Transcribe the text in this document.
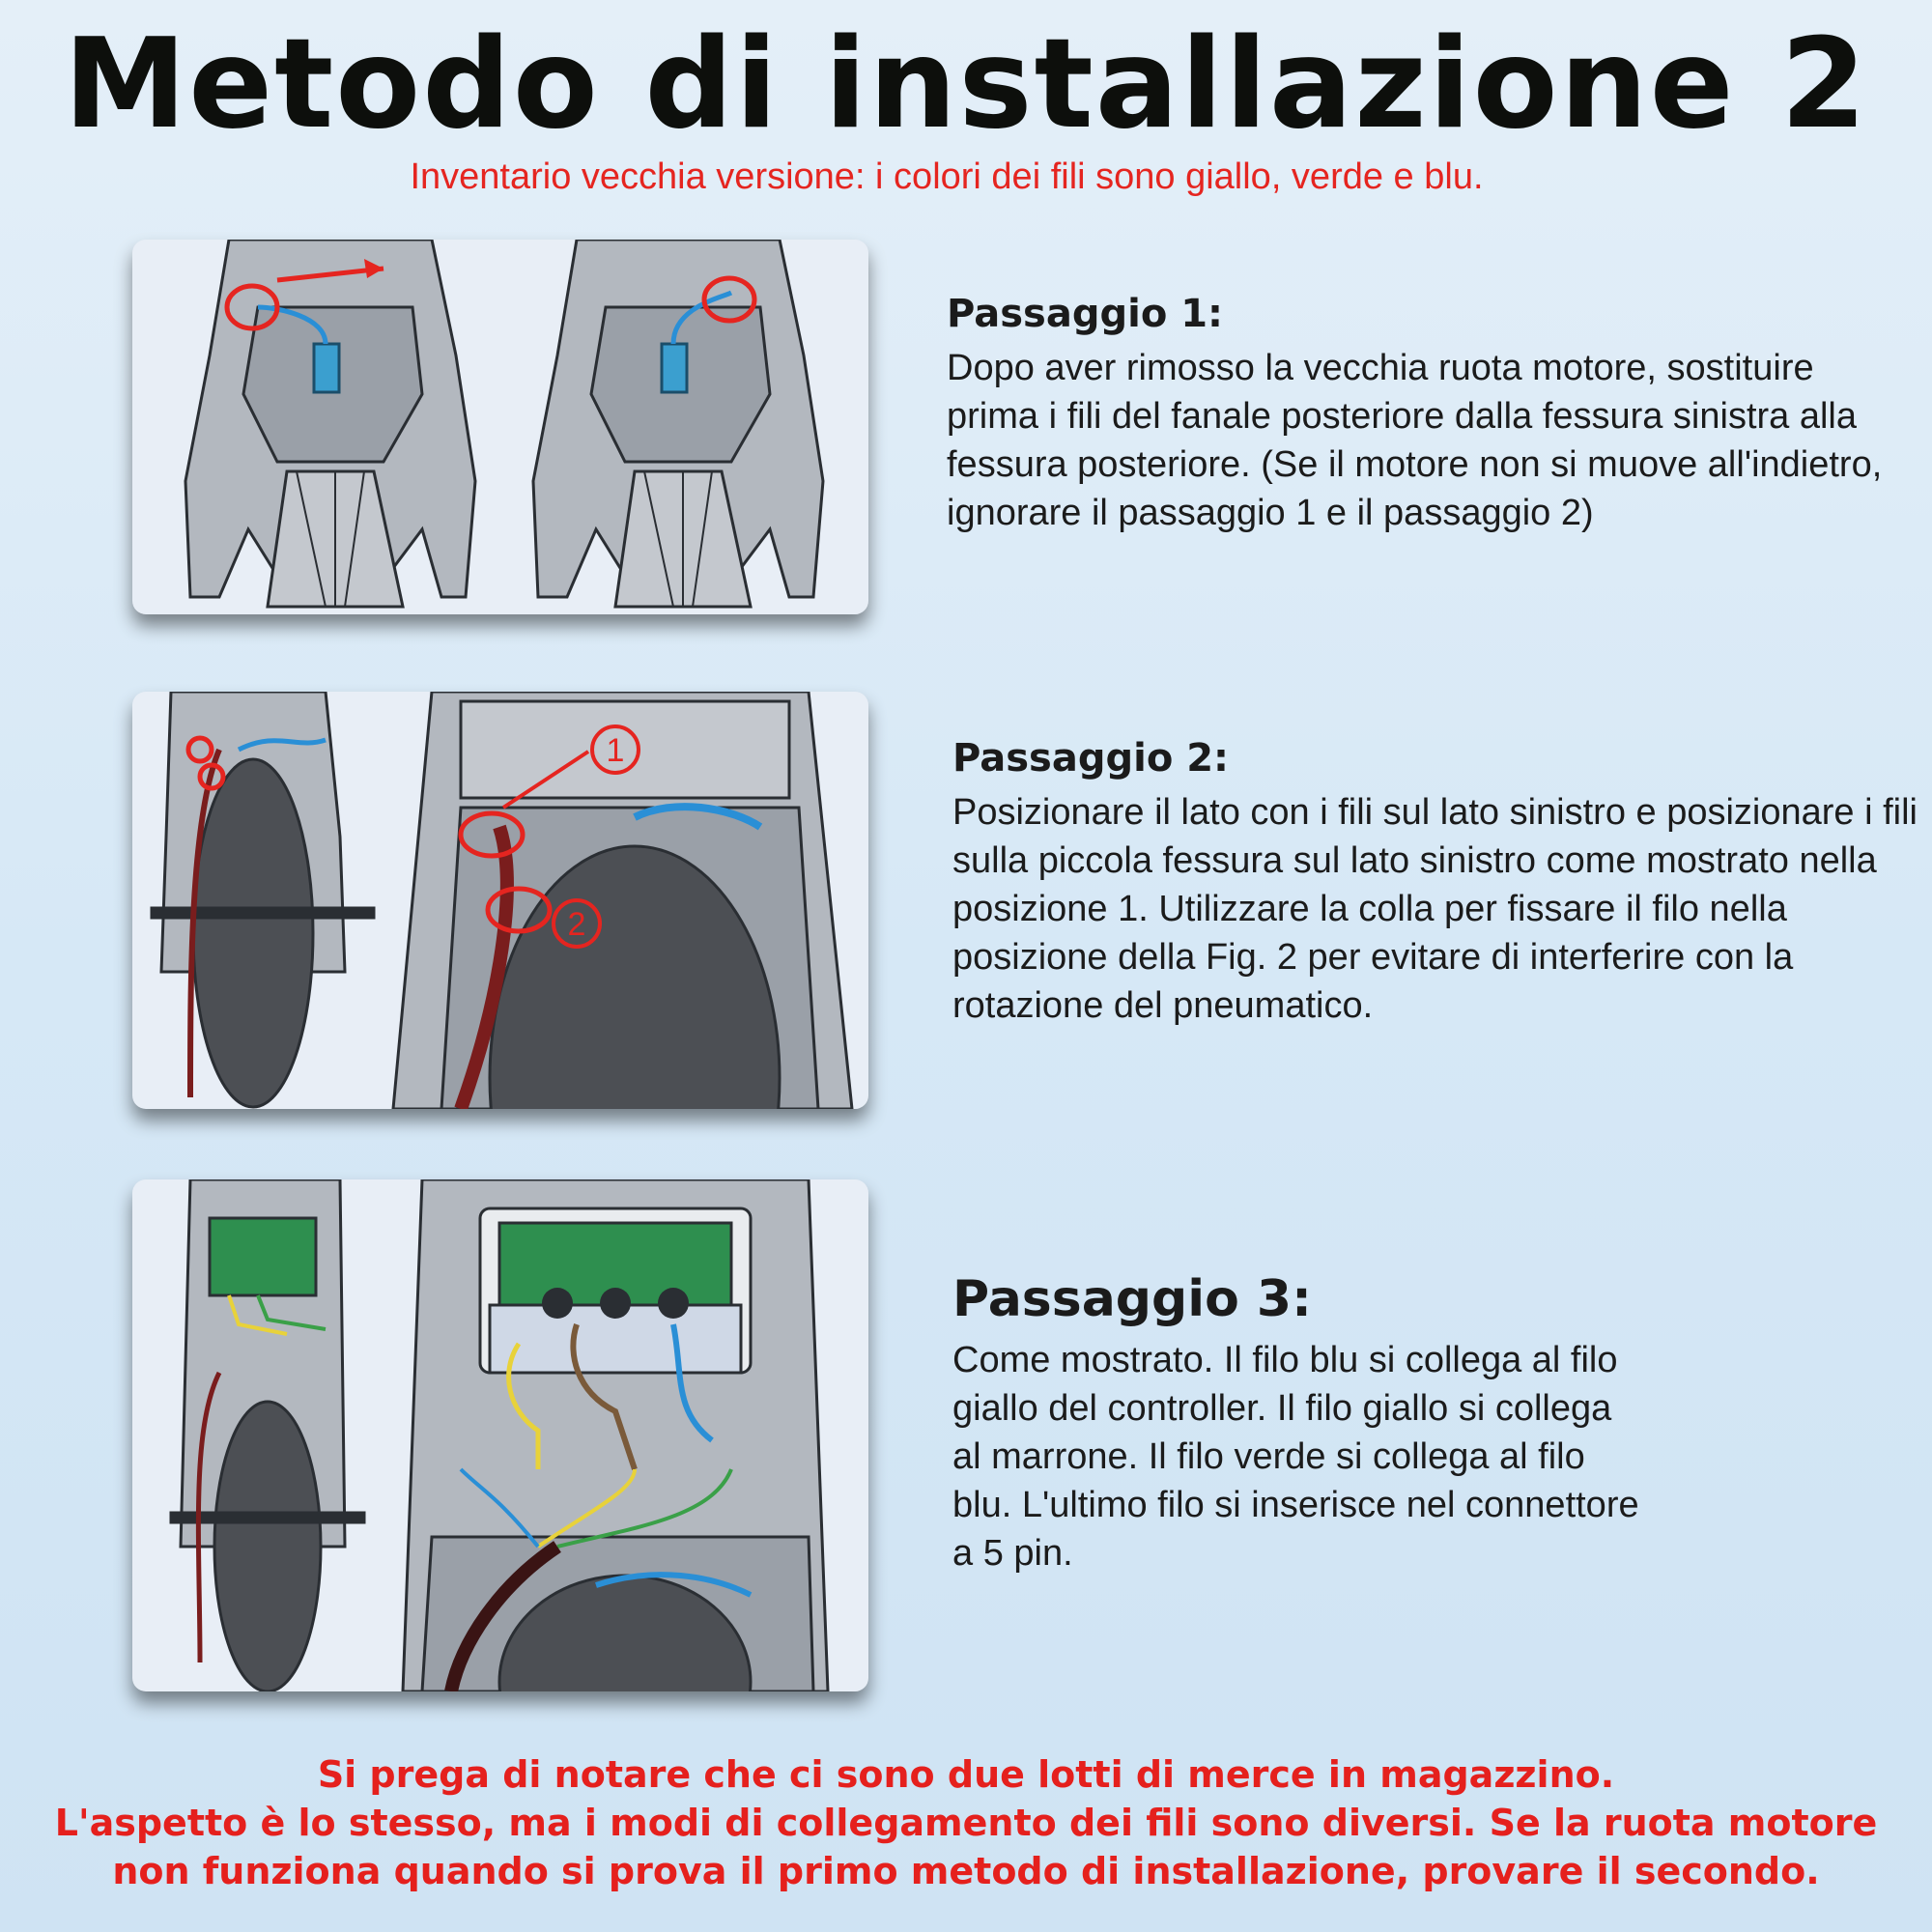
Metodo di installazione 2
Inventario vecchia versione: i colori dei fili sono giallo, verde e blu.
Passaggio 1:

Dopo aver rimosso la vecchia ruota motore, sostituire prima i fili del fanale posteriore dalla fessura sinistra alla fessura posteriore. (Se il motore non si muove all'indietro, ignorare il passaggio 1 e il passaggio 2)

1
2
Passaggio 2:

Posizionare il lato con i fili sul lato sinistro e posizionare i fili sulla piccola fessura sul lato sinistro come mostrato nella posizione 1. Utilizzare la colla per fissare il filo nella posizione della Fig. 2 per evitare di interferire con la rotazione del pneumatico.

Passaggio 3:

Come mostrato. Il filo blu si collega al filo giallo del controller. Il filo giallo si collega al marrone. Il filo verde si collega al filo blu. L'ultimo filo si inserisce nel connettore a 5 pin.

Si prega di notare che ci sono due lotti di merce in magazzino.
L'aspetto è lo stesso, ma i modi di collegamento dei fili sono diversi. Se la ruota motore
non funziona quando si prova il primo metodo di installazione, provare il secondo.
